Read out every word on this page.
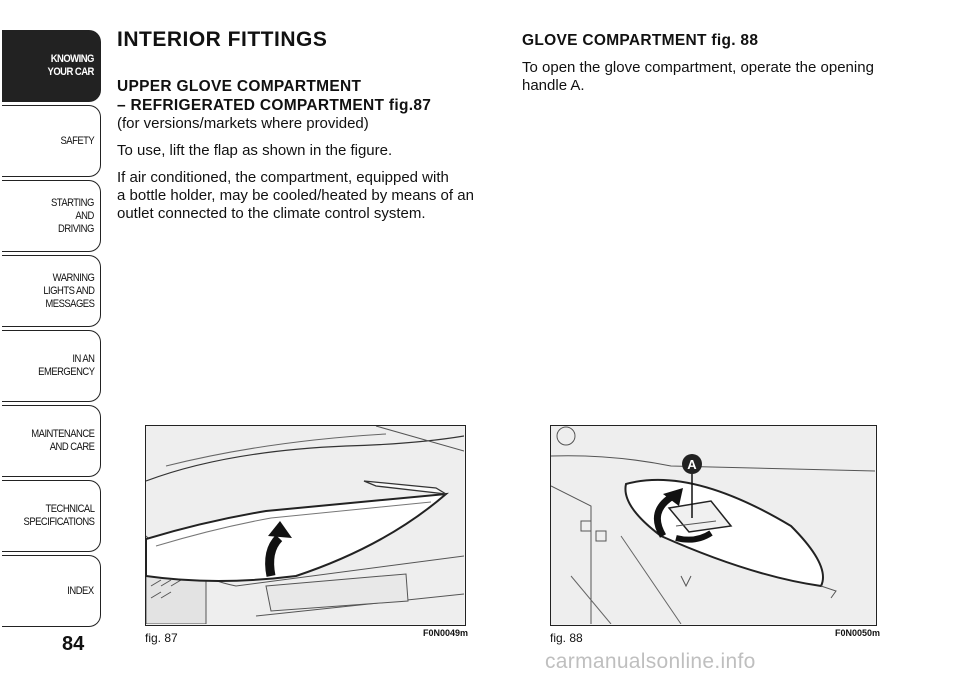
KNOWING
YOUR CAR
SAFETY
STARTING
AND
DRIVING
WARNING
LIGHTS AND
MESSAGES
IN AN
EMERGENCY
MAINTENANCE
AND CARE
TECHNICAL
SPECIFICATIONS
INDEX
84
INTERIOR FITTINGS
UPPER GLOVE COMPARTMENT
– REFRIGERATED COMPARTMENT fig.87
(for versions/markets where provided)
To use, lift the flap as shown in the figure.
If air conditioned, the compartment, equipped with
a bottle holder, may be cooled/heated by means of an
outlet connected to the climate control system.
GLOVE COMPARTMENT fig. 88
To open the glove compartment, operate the opening
handle A.
fig. 87	F0N0049m
A
fig. 88	F0N0050m
carmanualsonline.info
